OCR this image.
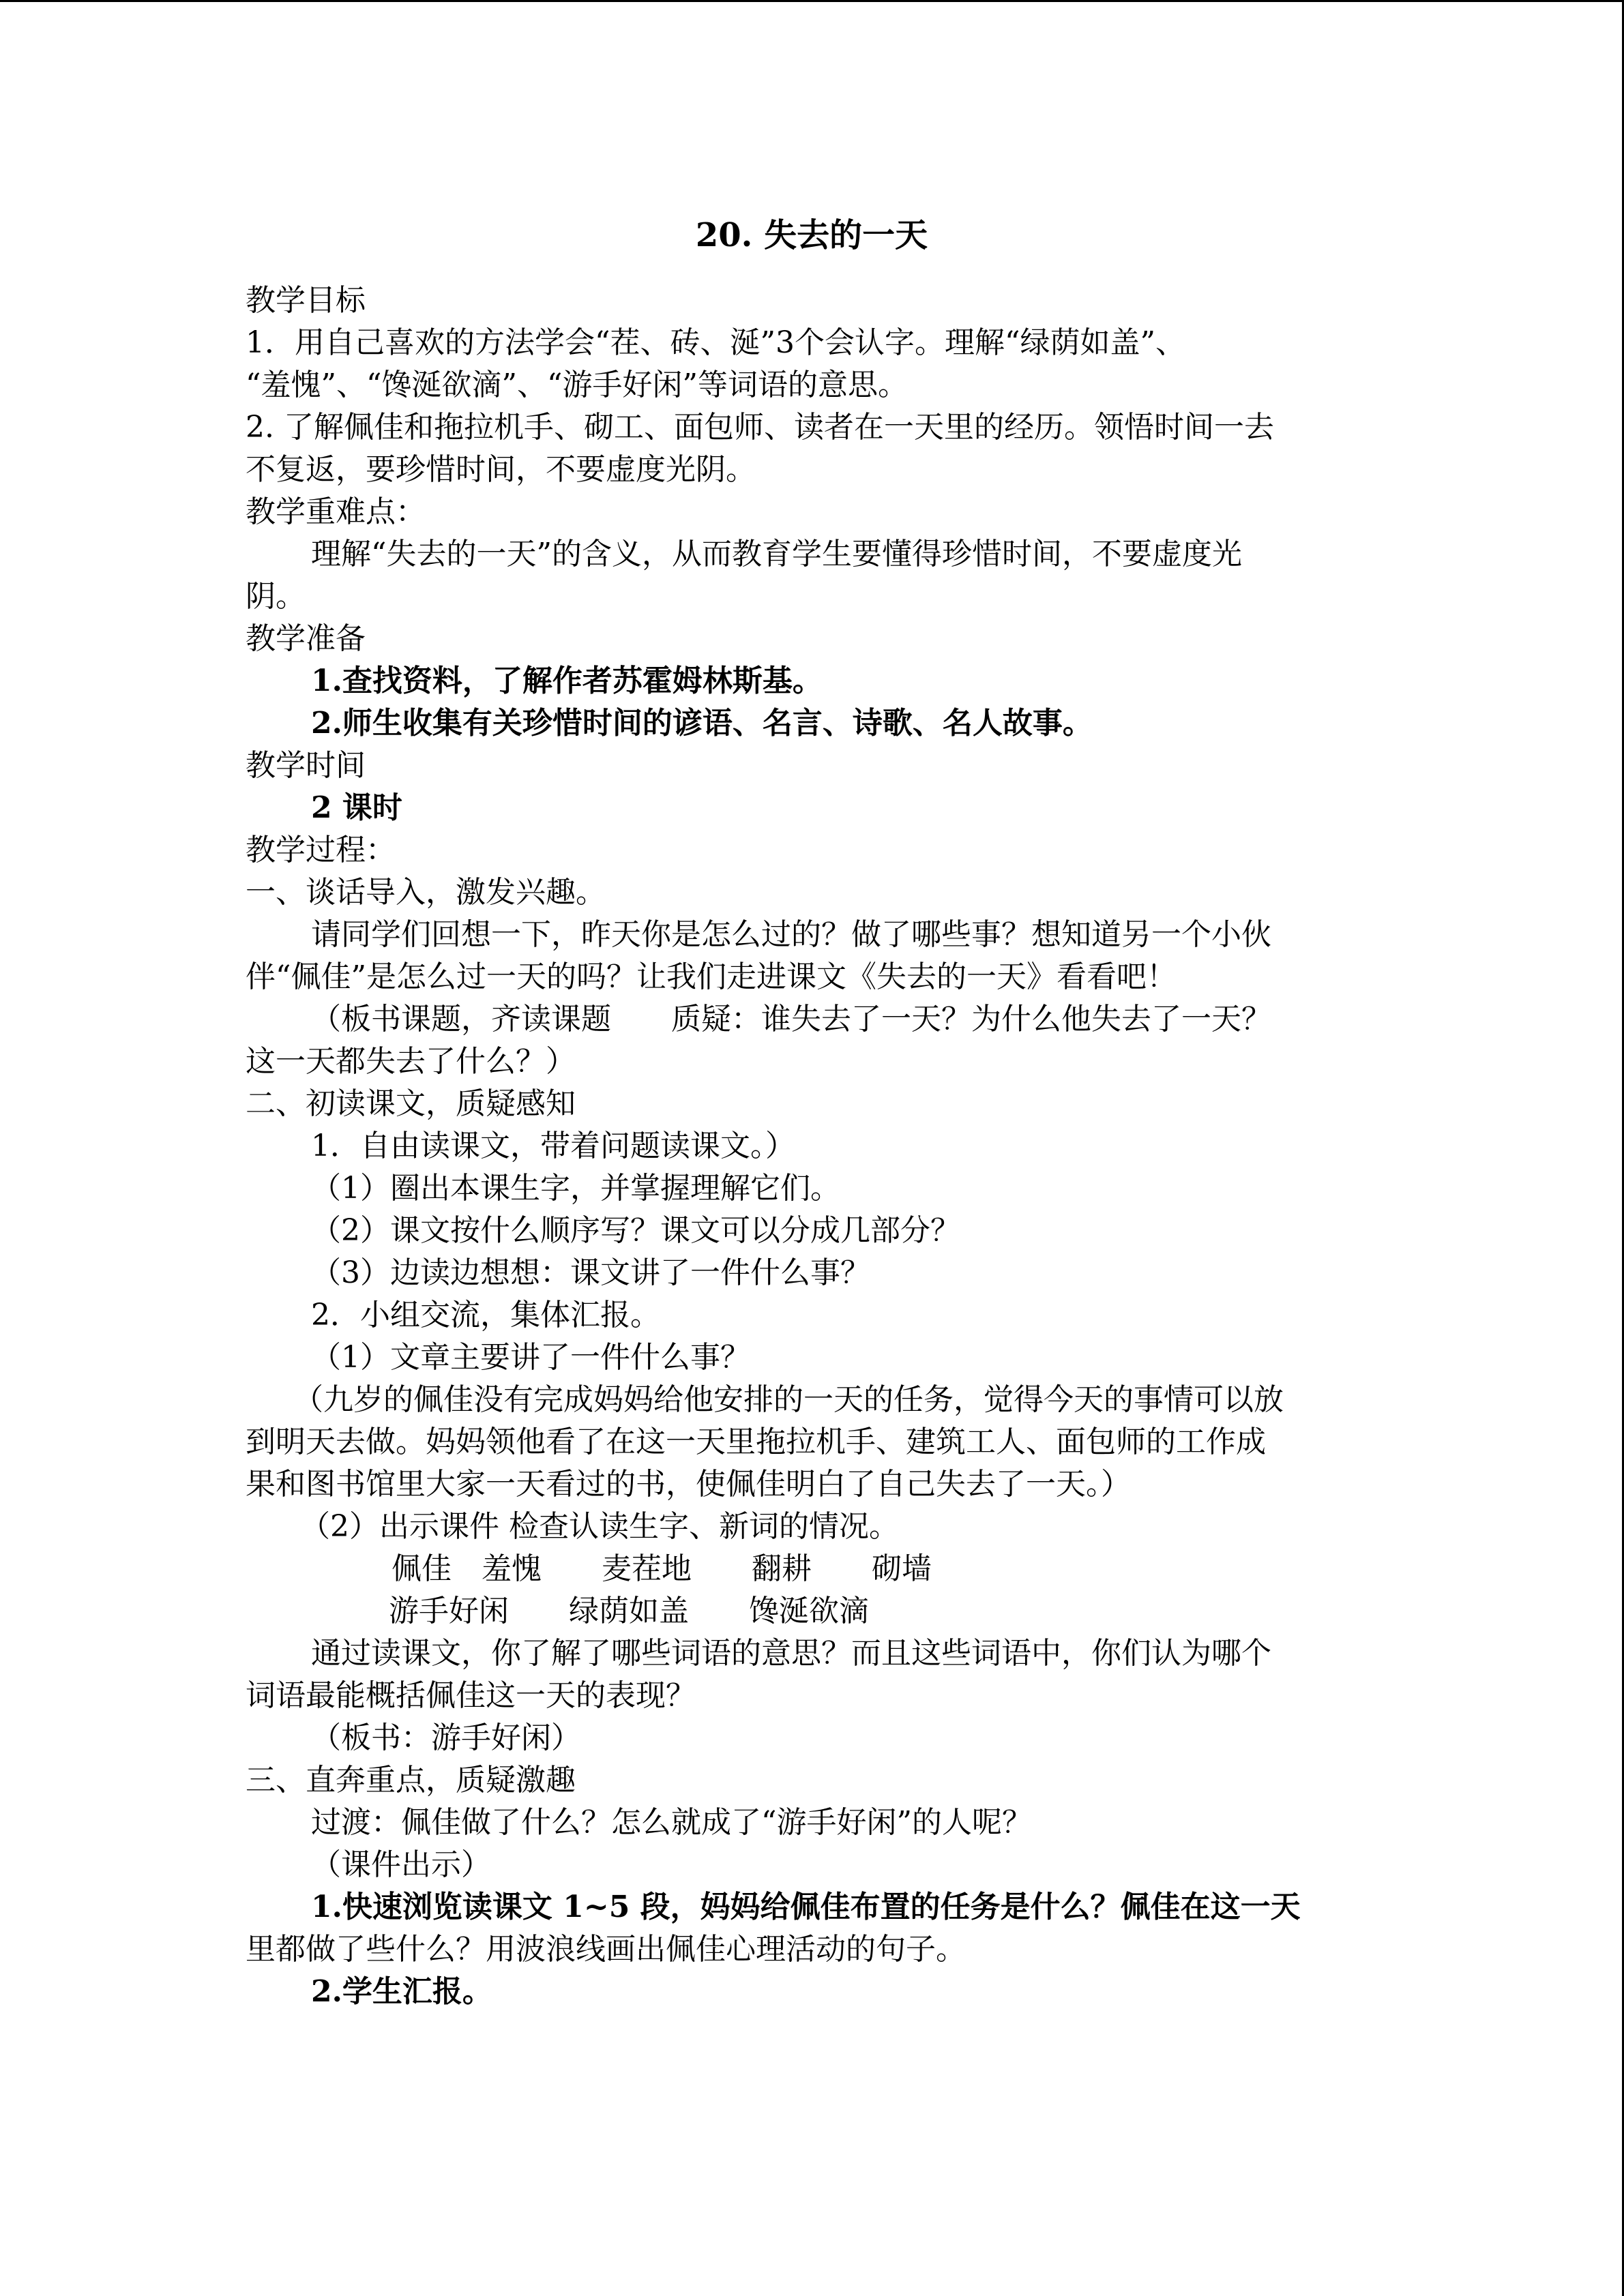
20. 失去的一天
教学目标
1．用自己喜欢的方法学会“茬、砖、涎”3个会认字。理解“绿荫如盖”、
“羞愧”、“馋涎欲滴”、“游手好闲”等词语的意思。
2. 了解佩佳和拖拉机手、砌工、面包师、读者在一天里的经历。领悟时间一去
不复返，要珍惜时间，不要虚度光阴。
教学重难点：
理解“失去的一天”的含义，从而教育学生要懂得珍惜时间，不要虚度光
阴。
教学准备
1.查找资料，了解作者苏霍姆林斯基。
2.师生收集有关珍惜时间的谚语、名言、诗歌、名人故事。
教学时间
2 课时
教学过程：
一、谈话导入，激发兴趣。
请同学们回想一下，昨天你是怎么过的？做了哪些事？想知道另一个小伙
伴“佩佳”是怎么过一天的吗？让我们走进课文《失去的一天》看看吧！
（板书课题，齐读课题　　质疑：谁失去了一天？为什么他失去了一天？
这一天都失去了什么？）
二、初读课文，质疑感知
1．自由读课文，带着问题读课文。）
（1）圈出本课生字，并掌握理解它们。
（2）课文按什么顺序写？课文可以分成几部分？
（3）边读边想想：课文讲了一件什么事？
2．小组交流，集体汇报。
（1）文章主要讲了一件什么事？
（九岁的佩佳没有完成妈妈给他安排的一天的任务，觉得今天的事情可以放
到明天去做。妈妈领他看了在这一天里拖拉机手、建筑工人、面包师的工作成
果和图书馆里大家一天看过的书，使佩佳明白了自己失去了一天。）
（2）出示课件 检查认读生字、新词的情况。
佩佳　羞愧　　麦茬地　　翻耕　　砌墙
游手好闲　　绿荫如盖　　馋涎欲滴
通过读课文，你了解了哪些词语的意思？而且这些词语中，你们认为哪个
词语最能概括佩佳这一天的表现？
（板书：游手好闲）
三、直奔重点，质疑激趣
过渡：佩佳做了什么？怎么就成了“游手好闲”的人呢？
（课件出示）
1.快速浏览读课文 1~5 段，妈妈给佩佳布置的任务是什么？佩佳在这一天
里都做了些什么？用波浪线画出佩佳心理活动的句子。
2.学生汇报。
